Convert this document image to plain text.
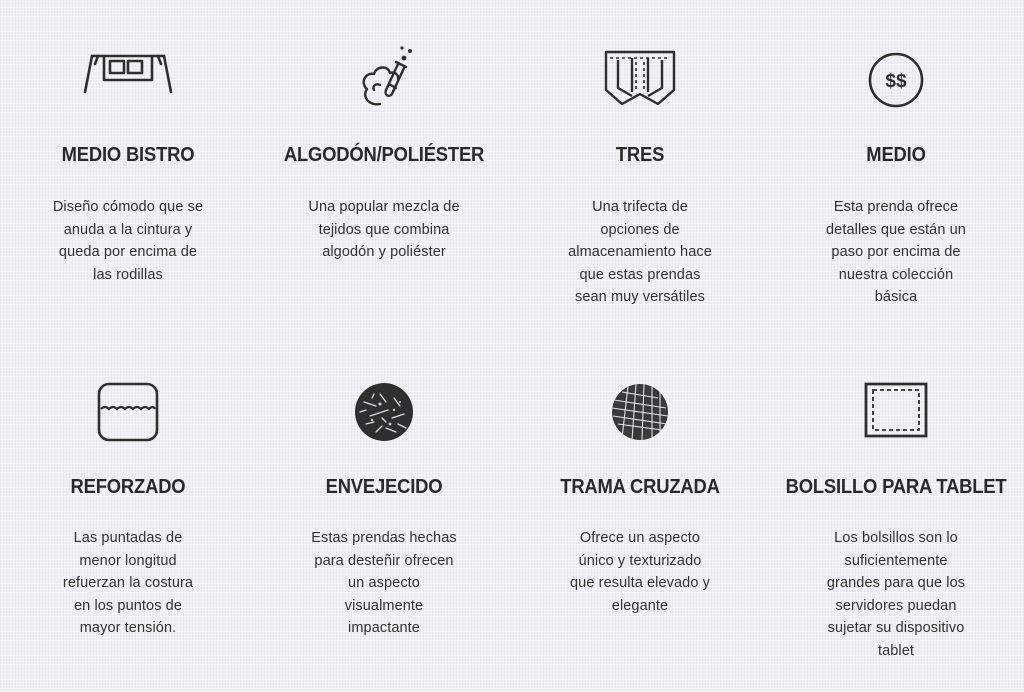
MEDIO BISTRO
Diseño cómodo que se
anuda a la cintura y
queda por encima de
las rodillas
ALGODÓN/POLIÉSTER
Una popular mezcla de
tejidos que combina
algodón y poliéster
TRES
Una trifecta de
opciones de
almacenamiento hace
que estas prendas
sean muy versátiles
$$
MEDIO
Esta prenda ofrece
detalles que están un
paso por encima de
nuestra colección
básica
REFORZADO
Las puntadas de
menor longitud
refuerzan la costura
en los puntos de
mayor tensión.
ENVEJECIDO
Estas prendas hechas
para desteñir ofrecen
un aspecto
visualmente
impactante
TRAMA CRUZADA
Ofrece un aspecto
único y texturizado
que resulta elevado y
elegante
BOLSILLO PARA TABLET
Los bolsillos son lo
suficientemente
grandes para que los
servidores puedan
sujetar su dispositivo
tablet
